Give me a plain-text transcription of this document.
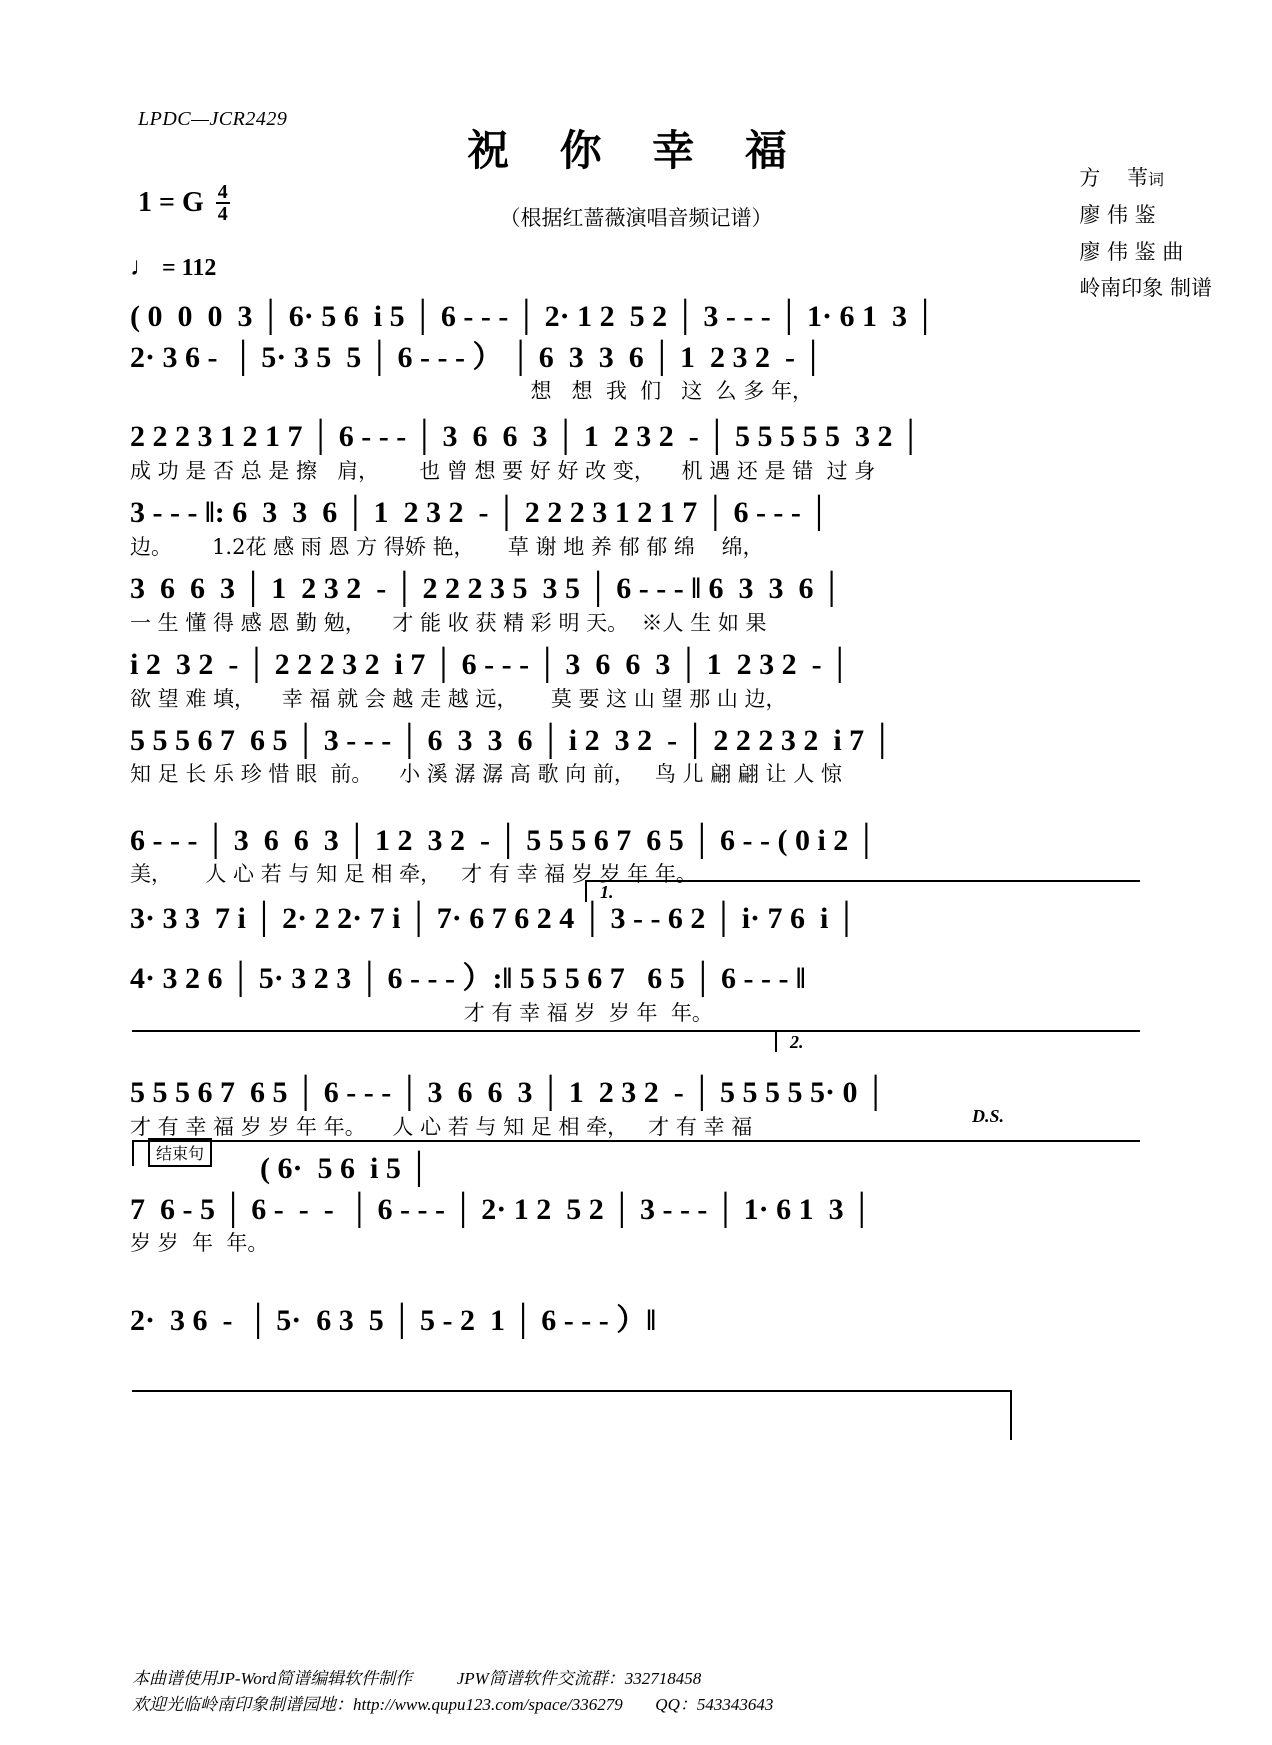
LPDC—JCR2429
祝 你 幸 福
（根据红蔷薇演唱音频记谱）
1 = G $\frac{4}{4}$
♩ = 112
方    苇词
廖 伟 鉴
廖 伟 鉴 曲
岭南印象 制谱
( 0  0  0  3 │ 6· 5 6  i 5 │ 6 - - - │ 2· 1 2  5 2 │ 3 - - - │ 1· 6 1  3 │
2· 3 6 -  │ 5· 3 5  5 │ 6 - - - ） │ 6  3  3  6 │ 1  2 3 2  - │
想   想  我  们   这  么 多 年，
2 2 2 3 1 2 1 7 │ 6 - - - │ 3  6  6  3 │ 1  2 3 2  - │ 5 5 5 5 5  3 2 │
成 功 是 否 总 是 擦   肩，      也 曾 想 要 好 好 改 变，    机 遇 还 是 错  过 身
3 - - - ‖: 6  3  3  6 │ 1  2 3 2  - │ 2 2 2 3 1 2 1 7 │ 6 - - - │
边。      1.2花 感 雨 恩 方 得娇 艳，     草 谢 地 养 郁 郁 绵    绵，
3  6  6  3 │ 1  2 3 2  - │ 2 2 2 3 5  3 5 │ 6 - - - ‖ 6  3  3  6 │
一 生 懂 得 感 恩 勤 勉，    才 能 收 获 精 彩 明 天。  ※人 生 如 果
i 2  3 2  - │ 2 2 2 3 2  i 7 │ 6 - - - │ 3  6  6  3 │ 1  2 3 2  - │
欲 望 难 填，    幸 福 就 会 越 走 越 远，     莫 要 这 山 望 那 山 边，
5 5 5 6 7  6 5 │ 3 - - - │ 6  3  3  6 │ i 2  3 2  - │ 2 2 2 3 2  i 7 │
知 足 长 乐 珍 惜 眼  前。    小 溪 潺 潺 高 歌 向 前，   鸟 儿 翩 翩 让 人 惊
6 - - - │ 3  6  6  3 │ 1 2  3 2  - │ 5 5 5 6 7  6 5 │ 6 - - ( 0 i 2 │
美，     人 心 若 与 知 足 相 牵，   才 有 幸 福 岁 岁 年 年。
3· 3 3  7 i │ 2· 2 2· 7 i │ 7· 6 7 6 2 4 │ 3 - - 6 2 │ i· 7 6  i │
4· 3 2 6 │ 5· 3 2 3 │ 6 - - - ）:‖ 5 5 5 6 7   6 5 │ 6 - - - ‖
才 有 幸 福 岁  岁 年  年。
5 5 5 6 7  6 5 │ 6 - - - │ 3  6  6  3 │ 1  2 3 2  - │ 5 5 5 5 5· 0 │
才 有 幸 福 岁 岁 年 年。    人 心 若 与 知 足 相 牵，   才 有 幸 福
( 6·  5 6  i 5 │
7  6 - 5 │ 6 -  -  -  │ 6 - - - │ 2· 1 2  5 2 │ 3 - - - │ 1· 6 1  3 │
岁 岁  年  年。
2·  3 6  -  │ 5·  6 3  5 │ 5 - 2  1 │ 6 - - - ）‖
1.
2.
D.S.
结束句
本曲谱使用JP-Word简谱编辑软件制作	JPW简谱软件交流群：332718458
欢迎光临岭南印象制谱园地：http://www.qupu123.com/space/336279 QQ：543343643
